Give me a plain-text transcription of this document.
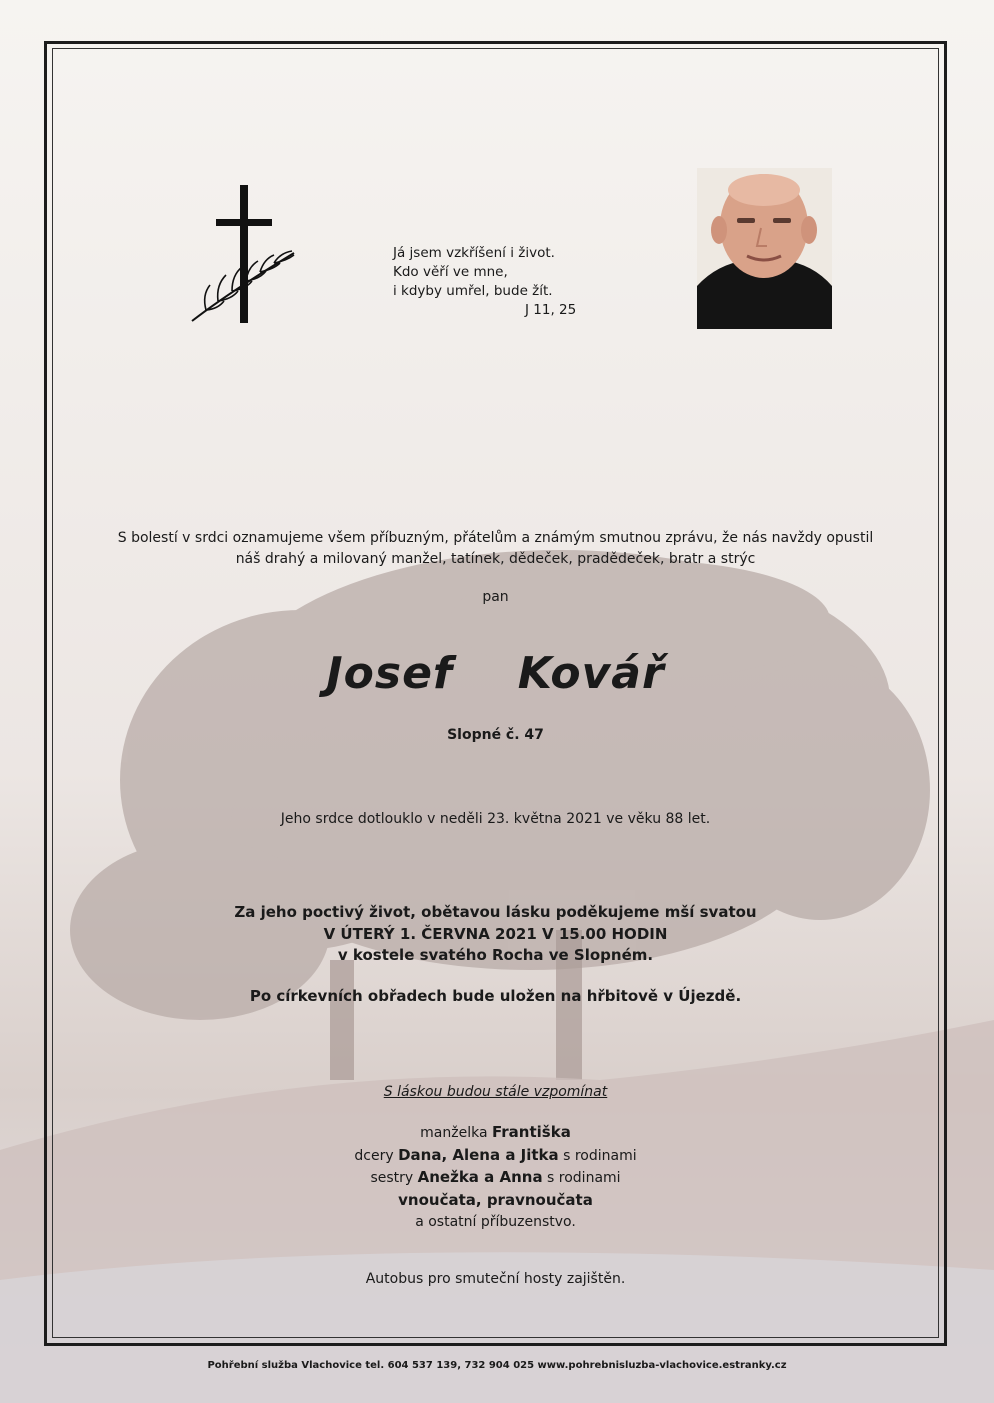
Já jsem vzkříšení i život.
Kdo věří ve mne,
i kdyby umřel, bude žít.
J 11, 25
S bolestí v srdci oznamujeme všem příbuzným, přátelům a známým smutnou zprávu, že nás navždy opustil
náš drahý a milovaný manžel, tatínek, dědeček, pradědeček, bratr a strýc
pan
Josef  Kovář
Slopné č. 47
Jeho srdce dotlouklo v neděli 23. května 2021 ve věku 88 let.
Za jeho poctivý život, obětavou lásku poděkujeme mší svatou
V ÚTERÝ 1. ČERVNA 2021 V 15.00 HODIN
v kostele svatého Rocha ve Slopném.
Po církevních obřadech bude uložen na hřbitově v Újezdě.
S láskou budou stále vzpomínat
manželka Františka
dcery Dana, Alena a Jitka s rodinami
sestry Anežka a Anna s rodinami
vnoučata, pravnoučata
a ostatní příbuzenstvo.
Autobus pro smuteční hosty zajištěn.
Pohřební služba Vlachovice tel. 604 537 139, 732 904 025 www.pohrebnisluzba-vlachovice.estranky.cz
